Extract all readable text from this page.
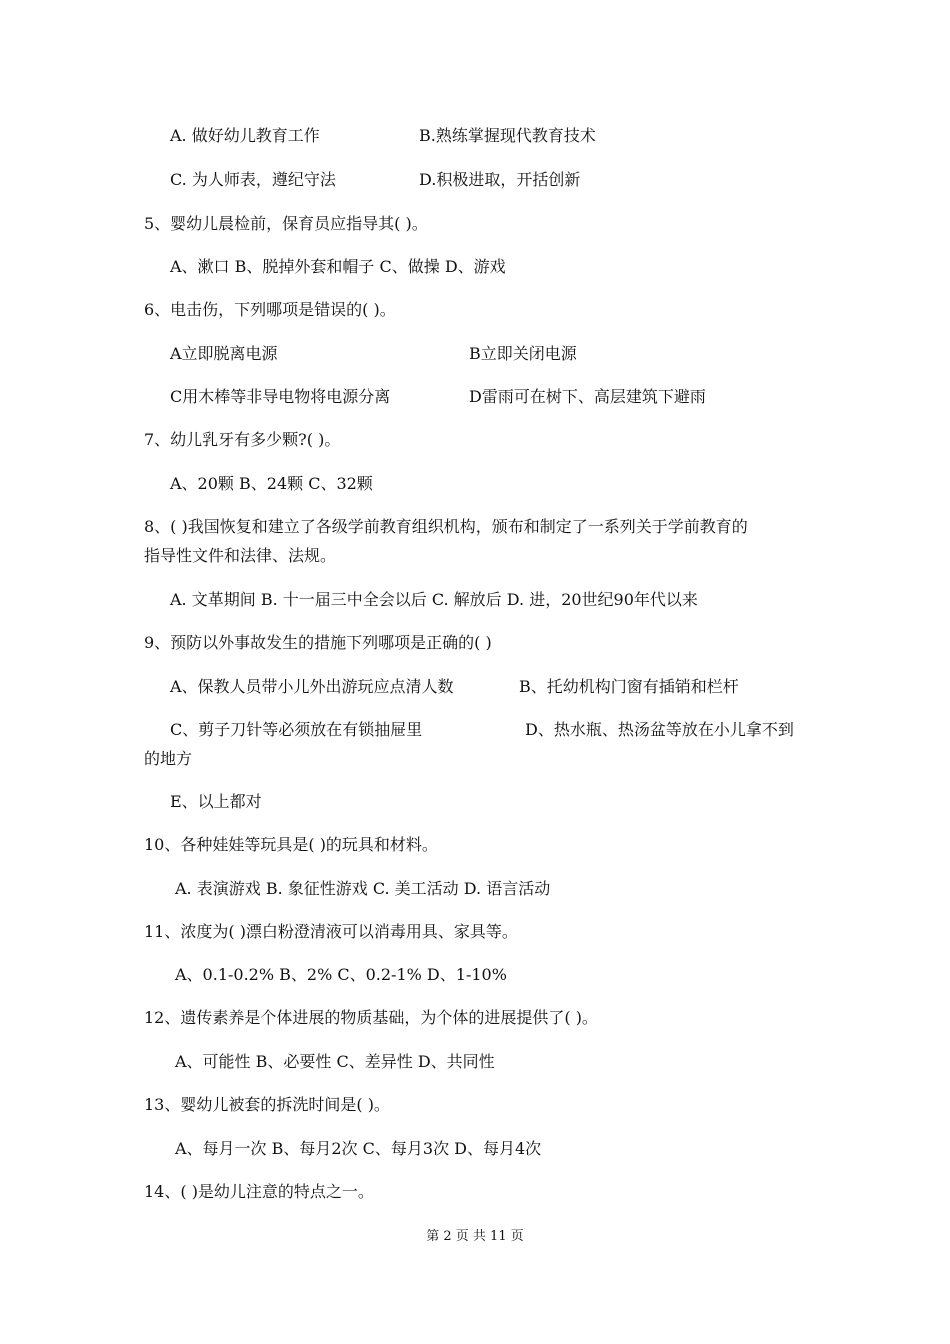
A. 做好幼儿教育工作	B.熟练掌握现代教育技术
C. 为人师表，遵纪守法	D.积极进取，开括创新
5、婴幼儿晨检前，保育员应指导其( )。
A、漱口 B、脱掉外套和帽子 C、做操 D、游戏
6、电击伤，下列哪项是错误的( )。
A立即脱离电源	B立即关闭电源
C用木棒等非导电物将电源分离	D雷雨可在树下、高层建筑下避雨
7、幼儿乳牙有多少颗?( )。
A、20颗 B、24颗 C、32颗
8、( )我国恢复和建立了各级学前教育组织机构，颁布和制定了一系列关于学前教育的
指导性文件和法律、法规。
A. 文革期间 B. 十一届三中全会以后 C. 解放后 D. 进，20世纪90年代以来
9、预防以外事故发生的措施下列哪项是正确的( )
A、保教人员带小儿外出游玩应点清人数	B、托幼机构门窗有插销和栏杆
C、剪子刀针等必须放在有锁抽屉里	D、热水瓶、热汤盆等放在小儿拿不到
的地方
E、以上都对
10、各种娃娃等玩具是( )的玩具和材料。
A. 表演游戏 B. 象征性游戏 C. 美工活动 D. 语言活动
11、浓度为( )漂白粉澄清液可以消毒用具、家具等。
A、0.1-0.2% B、2% C、0.2-1% D、1-10%
12、遗传素养是个体进展的物质基础，为个体的进展提供了( )。
A、可能性 B、必要性 C、差异性 D、共同性
13、婴幼儿被套的拆洗时间是( )。
A、每月一次 B、每月2次 C、每月3次 D、每月4次
14、( )是幼儿注意的特点之一。
第 2 页 共 11 页
